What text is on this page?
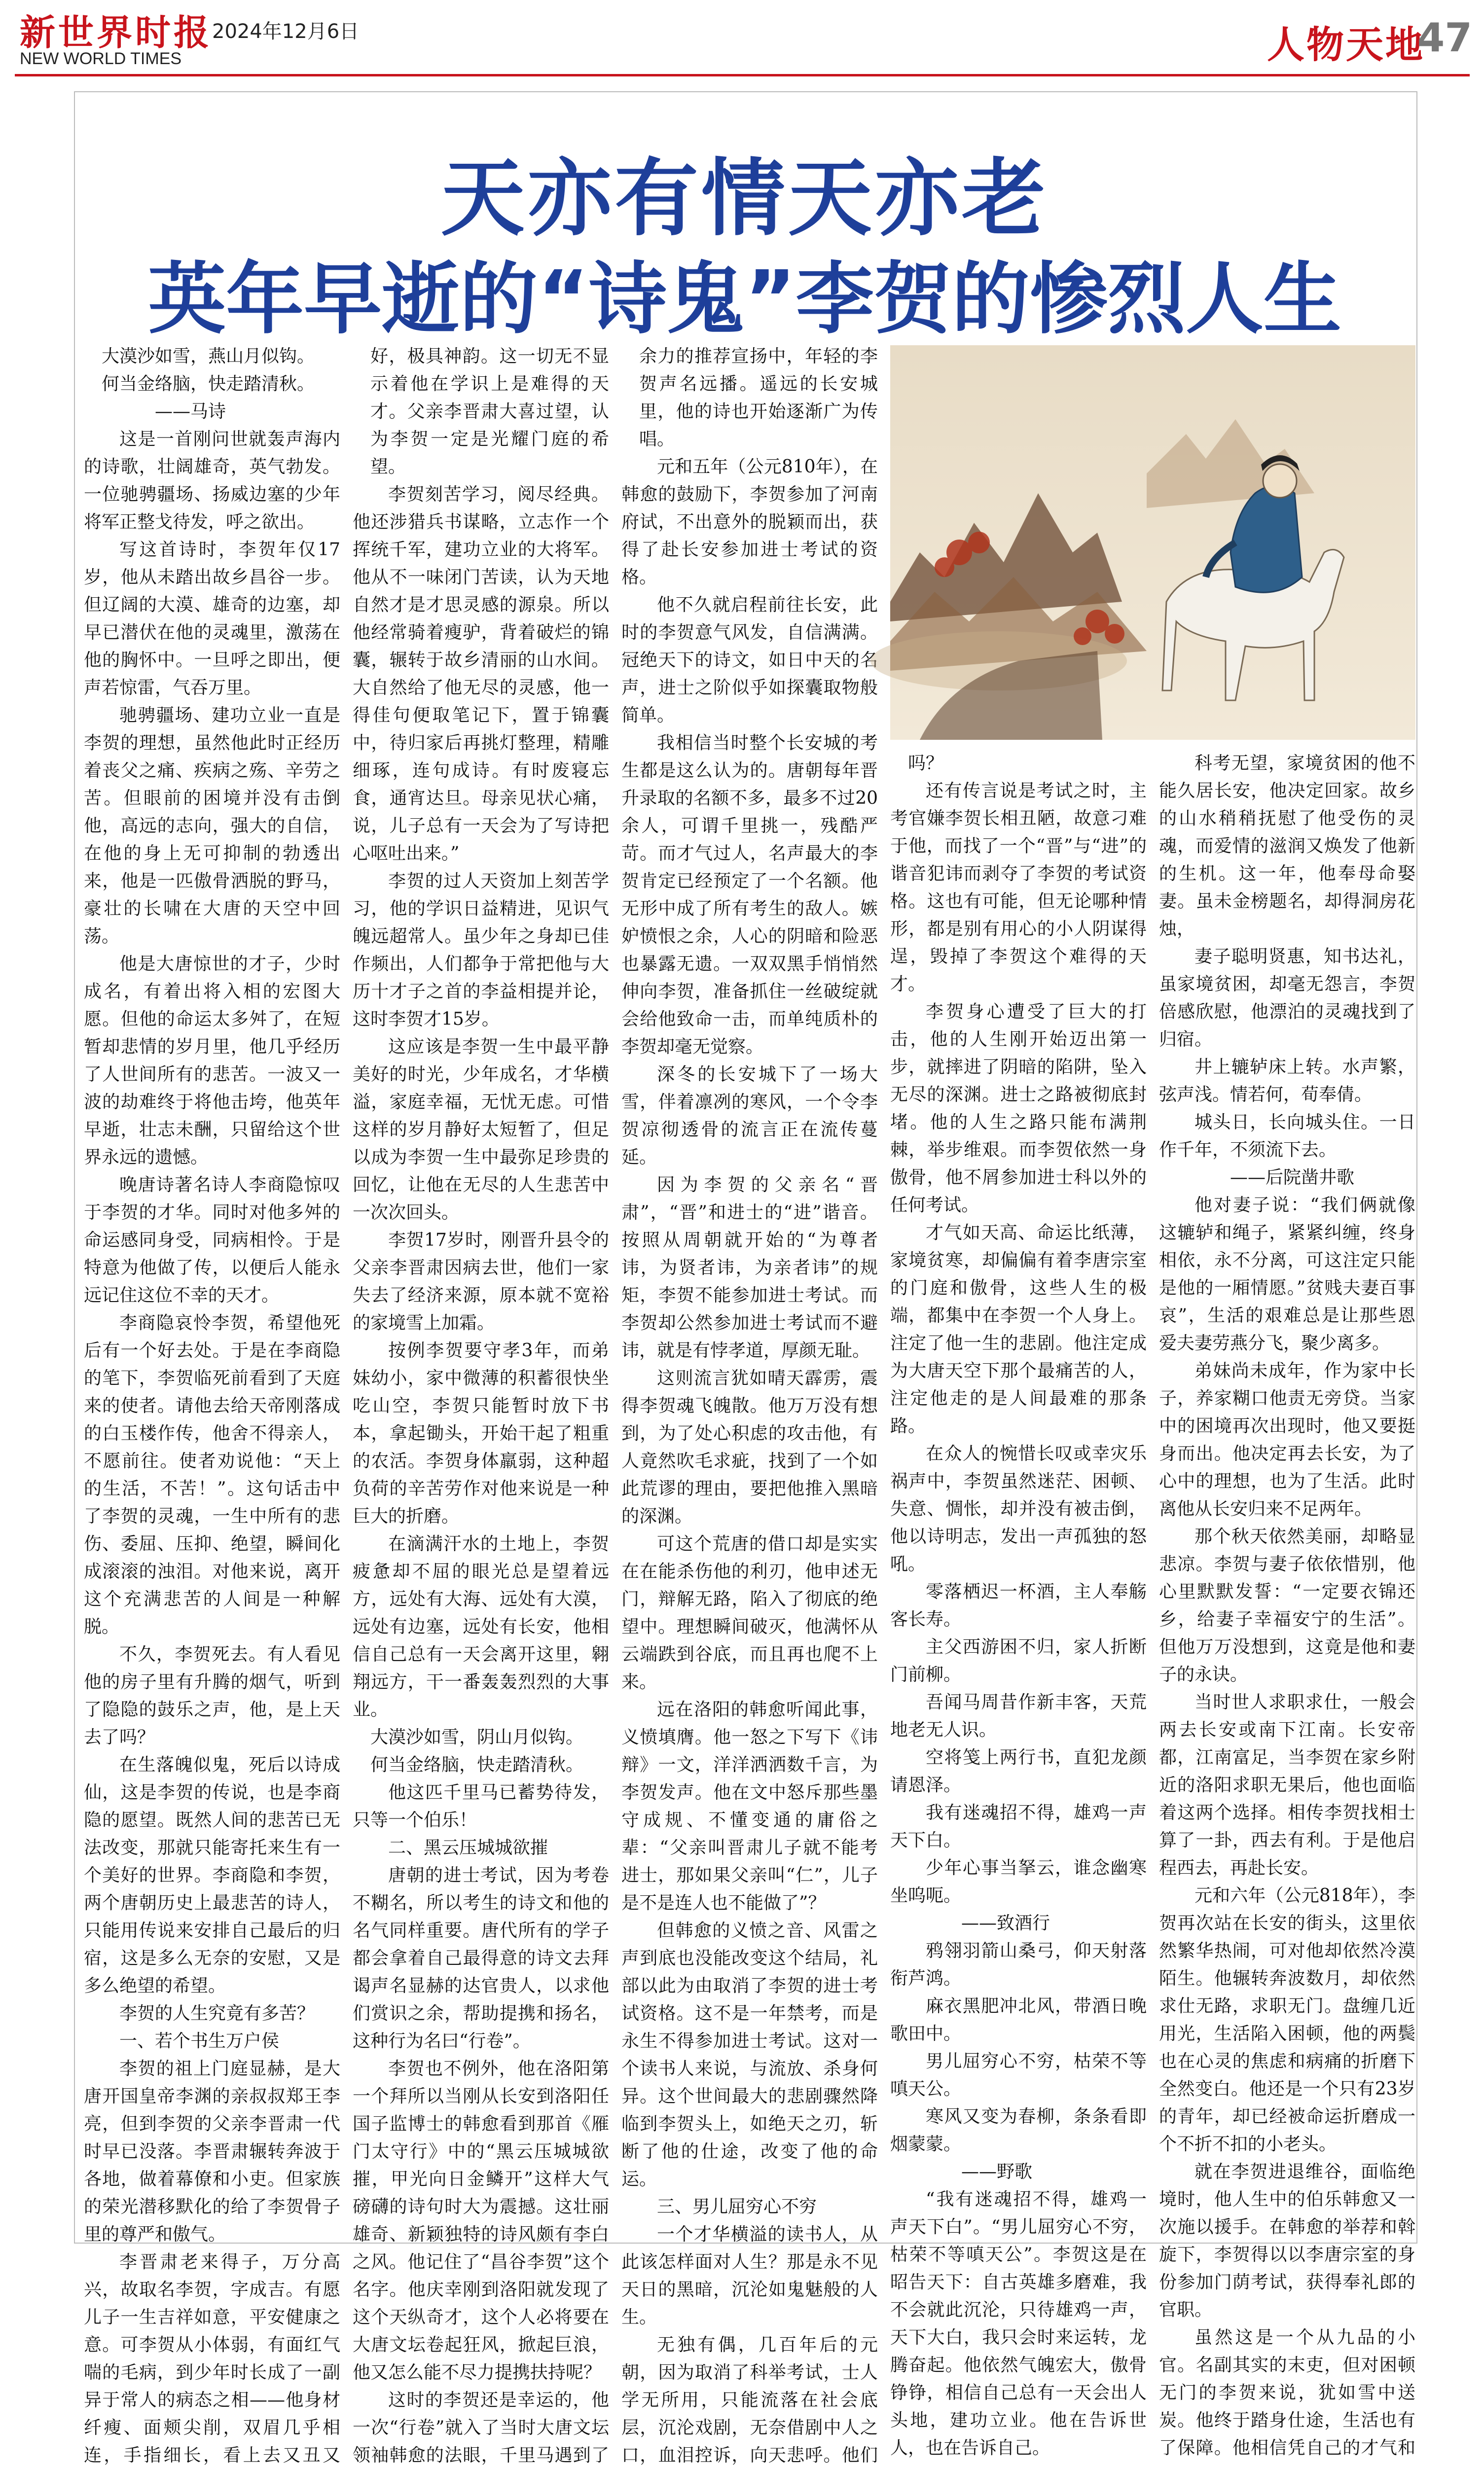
新世界时报 2024年12月6日
NEW WORLD TIMES	人物天地
47
天亦有情天亦老
英年早逝的“诗鬼”李贺的惨烈人生

大漠沙如雪，燕山月似钩。

何当金络脑，快走踏清秋。

——马诗

这是一首刚问世就轰声海内的诗歌，壮阔雄奇，英气勃发。一位驰骋疆场、扬威边塞的少年将军正整戈待发，呼之欲出。

写这首诗时，李贺年仅17岁，他从未踏出故乡昌谷一步。但辽阔的大漠、雄奇的边塞，却早已潜伏在他的灵魂里，激荡在他的胸怀中。一旦呼之即出，便声若惊雷，气吞万里。

驰骋疆场、建功立业一直是李贺的理想，虽然他此时正经历着丧父之痛、疾病之殇、辛劳之苦。但眼前的困境并没有击倒他，高远的志向，强大的自信，在他的身上无可抑制的勃透出来，他是一匹傲骨洒脱的野马，豪壮的长啸在大唐的天空中回荡。

他是大唐惊世的才子，少时成名，有着出将入相的宏图大愿。但他的命运太多舛了，在短暂却悲情的岁月里，他几乎经历了人世间所有的悲苦。一波又一波的劫难终于将他击垮，他英年早逝，壮志未酬，只留给这个世界永远的遗憾。

晚唐诗著名诗人李商隐惊叹于李贺的才华。同时对他多舛的命运感同身受，同病相怜。于是特意为他做了传，以便后人能永远记住这位不幸的天才。

李商隐哀怜李贺，希望他死后有一个好去处。于是在李商隐的笔下，李贺临死前看到了天庭来的使者。请他去给天帝刚落成的白玉楼作传，他舍不得亲人，不愿前往。使者劝说他：“天上的生活，不苦！”。这句话击中了李贺的灵魂，一生中所有的悲伤、委屈、压抑、绝望，瞬间化成滚滚的浊泪。对他来说，离开这个充满悲苦的人间是一种解脱。

不久，李贺死去。有人看见他的房子里有升腾的烟气，听到了隐隐的鼓乐之声，他，是上天去了吗？

在生落魄似鬼，死后以诗成仙，这是李贺的传说，也是李商隐的愿望。既然人间的悲苦已无法改变，那就只能寄托来生有一个美好的世界。李商隐和李贺，两个唐朝历史上最悲苦的诗人，只能用传说来安排自己最后的归宿，这是多么无奈的安慰，又是多么绝望的希望。

李贺的人生究竟有多苦？

一、若个书生万户侯

李贺的祖上门庭显赫，是大唐开国皇帝李渊的亲叔叔郑王李亮，但到李贺的父亲李晋肃一代时早已没落。李晋肃辗转奔波于各地，做着幕僚和小吏。但家族的荣光潜移默化的给了李贺骨子里的尊严和傲气。

李晋肃老来得子，万分高兴，故取名李贺，字成吉。有愿儿子一生吉祥如意，平安健康之意。可李贺从小体弱，有面红气喘的毛病，到少年时长成了一副异于常人的病态之相——他身材纤瘦、面颊尖削，双眉几乎相连，手指细长，看上去又丑又

好，极具神韵。这一切无不显示着他在学识上是难得的天才。父亲李晋肃大喜过望，认为李贺一定是光耀门庭的希望。

李贺刻苦学习，阅尽经典。他还涉猎兵书谋略，立志作一个挥统千军，建功立业的大将军。他从不一味闭门苦读，认为天地自然才是才思灵感的源泉。所以他经常骑着瘦驴，背着破烂的锦囊，辗转于故乡清丽的山水间。大自然给了他无尽的灵感，他一得佳句便取笔记下，置于锦囊中，待归家后再挑灯整理，精雕细琢，连句成诗。有时废寝忘食，通宵达旦。母亲见状心痛，说，儿子总有一天会为了写诗把心呕吐出来。”

李贺的过人天资加上刻苦学习，他的学识日益精进，见识气魄远超常人。虽少年之身却已佳作频出，人们都争于常把他与大历十才子之首的李益相提并论，这时李贺才15岁。

这应该是李贺一生中最平静美好的时光，少年成名，才华横溢，家庭幸福，无忧无虑。可惜这样的岁月静好太短暂了，但足以成为李贺一生中最弥足珍贵的回忆，让他在无尽的人生悲苦中一次次回头。

李贺17岁时，刚晋升县令的父亲李晋肃因病去世，他们一家失去了经济来源，原本就不宽裕的家境雪上加霜。

按例李贺要守孝3年，而弟妹幼小，家中微薄的积蓄很快坐吃山空，李贺只能暂时放下书本，拿起锄头，开始干起了粗重的农活。李贺身体羸弱，这种超负荷的辛苦劳作对他来说是一种巨大的折磨。

在滴满汗水的土地上，李贺疲惫却不屈的眼光总是望着远方，远处有大海、远处有大漠，远处有边塞，远处有长安，他相信自己总有一天会离开这里，翱翔远方，干一番轰轰烈烈的大事业。

大漠沙如雪，阴山月似钩。

何当金络脑，快走踏清秋。

他这匹千里马已蓄势待发，只等一个伯乐！

二、黑云压城城欲摧

唐朝的进士考试，因为考卷不糊名，所以考生的诗文和他的名气同样重要。唐代所有的学子都会拿着自己最得意的诗文去拜谒声名显赫的达官贵人，以求他们赏识之余，帮助提携和扬名，这种行为名曰“行卷”。

李贺也不例外，他在洛阳第一个拜所以当刚从长安到洛阳任国子监博士的韩愈看到那首《雁门太守行》中的“黑云压城城欲摧，甲光向日金鳞开”这样大气磅礴的诗句时大为震撼。这壮丽雄奇、新颖独特的诗风颇有李白之风。他记住了“昌谷李贺”这个名字。他庆幸刚到洛阳就发现了这个天纵奇才，这个人必将要在大唐文坛卷起狂风，掀起巨浪，他又怎么能不尽力提携扶持呢？

这时的李贺还是幸运的，他一次“行卷”就入了当时大唐文坛领袖韩愈的法眼，千里马遇到了

余力的推荐宣扬中，年轻的李贺声名远播。遥远的长安城里，他的诗也开始逐渐广为传唱。

元和五年（公元810年），在韩愈的鼓励下，李贺参加了河南府试，不出意外的脱颖而出，获得了赴长安参加进士考试的资格。

他不久就启程前往长安，此时的李贺意气风发，自信满满。冠绝天下的诗文，如日中天的名声，进士之阶似乎如探囊取物般简单。

我相信当时整个长安城的考生都是这么认为的。唐朝每年晋升录取的名额不多，最多不过20余人，可谓千里挑一，残酷严苛。而才气过人，名声最大的李贺肯定已经预定了一个名额。他无形中成了所有考生的敌人。嫉妒愤恨之余，人心的阴暗和险恶也暴露无遗。一双双黑手悄悄然伸向李贺，准备抓住一丝破绽就会给他致命一击，而单纯质朴的李贺却毫无觉察。

深冬的长安城下了一场大雪，伴着凛冽的寒风，一个令李贺凉彻透骨的流言正在流传蔓延。

因为李贺的父亲名“晋肃”，“晋”和进士的“进”谐音。按照从周朝就开始的“为尊者讳，为贤者讳，为亲者讳”的规矩，李贺不能参加进士考试。而李贺却公然参加进士考试而不避讳，就是有悖孝道，厚颜无耻。

这则流言犹如晴天霹雳，震得李贺魂飞魄散。他万万没有想到，为了处心积虑的攻击他，有人竟然吹毛求疵，找到了一个如此荒谬的理由，要把他推入黑暗的深渊。

可这个荒唐的借口却是实实在在能杀伤他的利刃，他申述无门，辩解无路，陷入了彻底的绝望中。理想瞬间破灭，他满怀从云端跌到谷底，而且再也爬不上来。

远在洛阳的韩愈听闻此事，义愤填膺。他一怒之下写下《讳辩》一文，洋洋洒洒数千言，为李贺发声。他在文中怒斥那些墨守成规、不懂变通的庸俗之辈：“父亲叫晋肃儿子就不能考进士，那如果父亲叫“仁”，儿子是不是连人也不能做了”？

但韩愈的义愤之音、风雷之声到底也没能改变这个结局，礼部以此为由取消了李贺的进士考试资格。这不是一年禁考，而是永生不得参加进士考试。这对一个读书人来说，与流放、杀身何异。这个世间最大的悲剧骤然降临到李贺头上，如绝天之刃，斩断了他的仕途，改变了他的命运。

三、男儿屈穷心不穷

一个才华横溢的读书人，从此该怎样面对人生？那是永不见天日的黑暗，沉沦如鬼魅般的人生。

无独有偶，几百年后的元朝，因为取消了科举考试，士人学无所用，只能流落在社会底层，沉沦戏剧，无奈借剧中人之口，血泪控诉，向天悲呼。他们

吗？

还有传言说是考试之时，主考官嫌李贺长相丑陋，故意刁难于他，而找了一个“晋”与“进”的谐音犯讳而剥夺了李贺的考试资格。这也有可能，但无论哪种情形，都是别有用心的小人阴谋得逞，毁掉了李贺这个难得的天才。

李贺身心遭受了巨大的打击，他的人生刚开始迈出第一步，就摔进了阴暗的陷阱，坠入无尽的深渊。进士之路被彻底封堵。他的人生之路只能布满荆棘，举步维艰。而李贺依然一身傲骨，他不屑参加进士科以外的任何考试。

才气如天高、命运比纸薄，家境贫寒，却偏偏有着李唐宗室的门庭和傲骨，这些人生的极端，都集中在李贺一个人身上。注定了他一生的悲剧。他注定成为大唐天空下那个最痛苦的人，注定他走的是人间最难的那条路。

在众人的惋惜长叹或幸灾乐祸声中，李贺虽然迷茫、困顿、失意、惆怅，却并没有被击倒，他以诗明志，发出一声孤独的怒吼。

零落栖迟一杯酒，主人奉觞客长寿。

主父西游困不归，家人折断门前柳。

吾闻马周昔作新丰客，天荒地老无人识。

空将笺上两行书，直犯龙颜请恩泽。

我有迷魂招不得，雄鸡一声天下白。

少年心事当拏云，谁念幽寒坐呜呃。

——致酒行

鸦翎羽箭山桑弓，仰天射落衔芦鸿。

麻衣黑肥冲北风，带酒日晚歌田中。

男儿屈穷心不穷，枯荣不等嗔天公。

寒风又变为春柳，条条看即烟蒙蒙。

——野歌

“我有迷魂招不得，雄鸡一声天下白”。“男儿屈穷心不穷，枯荣不等嗔天公”。李贺这是在昭告天下：自古英雄多磨难，我不会就此沉沦，只待雄鸡一声，天下大白，我只会时来运转，龙腾奋起。他依然气魄宏大，傲骨铮铮，相信自己总有一天会出人头地，建功立业。他在告诉世人，也在告诉自己。

科考无望，家境贫困的他不能久居长安，他决定回家。故乡的山水稍稍抚慰了他受伤的灵魂，而爱情的滋润又焕发了他新的生机。这一年，他奉母命娶妻。虽未金榜题名，却得洞房花烛，

妻子聪明贤惠，知书达礼，虽家境贫困，却毫无怨言，李贺倍感欣慰，他漂泊的灵魂找到了归宿。

井上辘轳床上转。水声繁，弦声浅。情若何，荀奉倩。

城头日，长向城头住。一日作千年，不须流下去。

——后院凿井歌

他对妻子说：“我们俩就像这辘轳和绳子，紧紧纠缠，终身相依，永不分离，可这注定只能是他的一厢情愿。”贫贱夫妻百事哀”，生活的艰难总是让那些恩爱夫妻劳燕分飞，聚少离多。

弟妹尚未成年，作为家中长子，养家糊口他责无旁贷。当家中的困境再次出现时，他又要挺身而出。他决定再去长安，为了心中的理想，也为了生活。此时离他从长安归来不足两年。

那个秋天依然美丽，却略显悲凉。李贺与妻子依依惜别，他心里默默发誓：“一定要衣锦还乡，给妻子幸福安宁的生活”。但他万万没想到，这竟是他和妻子的永诀。

当时世人求职求仕，一般会两去长安或南下江南。长安帝都，江南富足，当李贺在家乡附近的洛阳求职无果后，他也面临着这两个选择。相传李贺找相士算了一卦，西去有利。于是他启程西去，再赴长安。

元和六年（公元818年），李贺再次站在长安的街头，这里依然繁华热闹，可对他却依然冷漠陌生。他辗转奔波数月，却依然求仕无路，求职无门。盘缠几近用光，生活陷入困顿，他的两鬓也在心灵的焦虑和病痛的折磨下全然变白。他还是一个只有23岁的青年，却已经被命运折磨成一个不折不扣的小老头。

就在李贺进退维谷，面临绝境时，他人生中的伯乐韩愈又一次施以援手。在韩愈的举荐和斡旋下，李贺得以以李唐宗室的身份参加门荫考试，获得奉礼郎的官职。

虽然这是一个从九品的小官。名副其实的末吏，但对困顿无门的李贺来说，犹如雪中送炭。他终于踏身仕途，生活也有了保障。他相信凭自己的才气和
